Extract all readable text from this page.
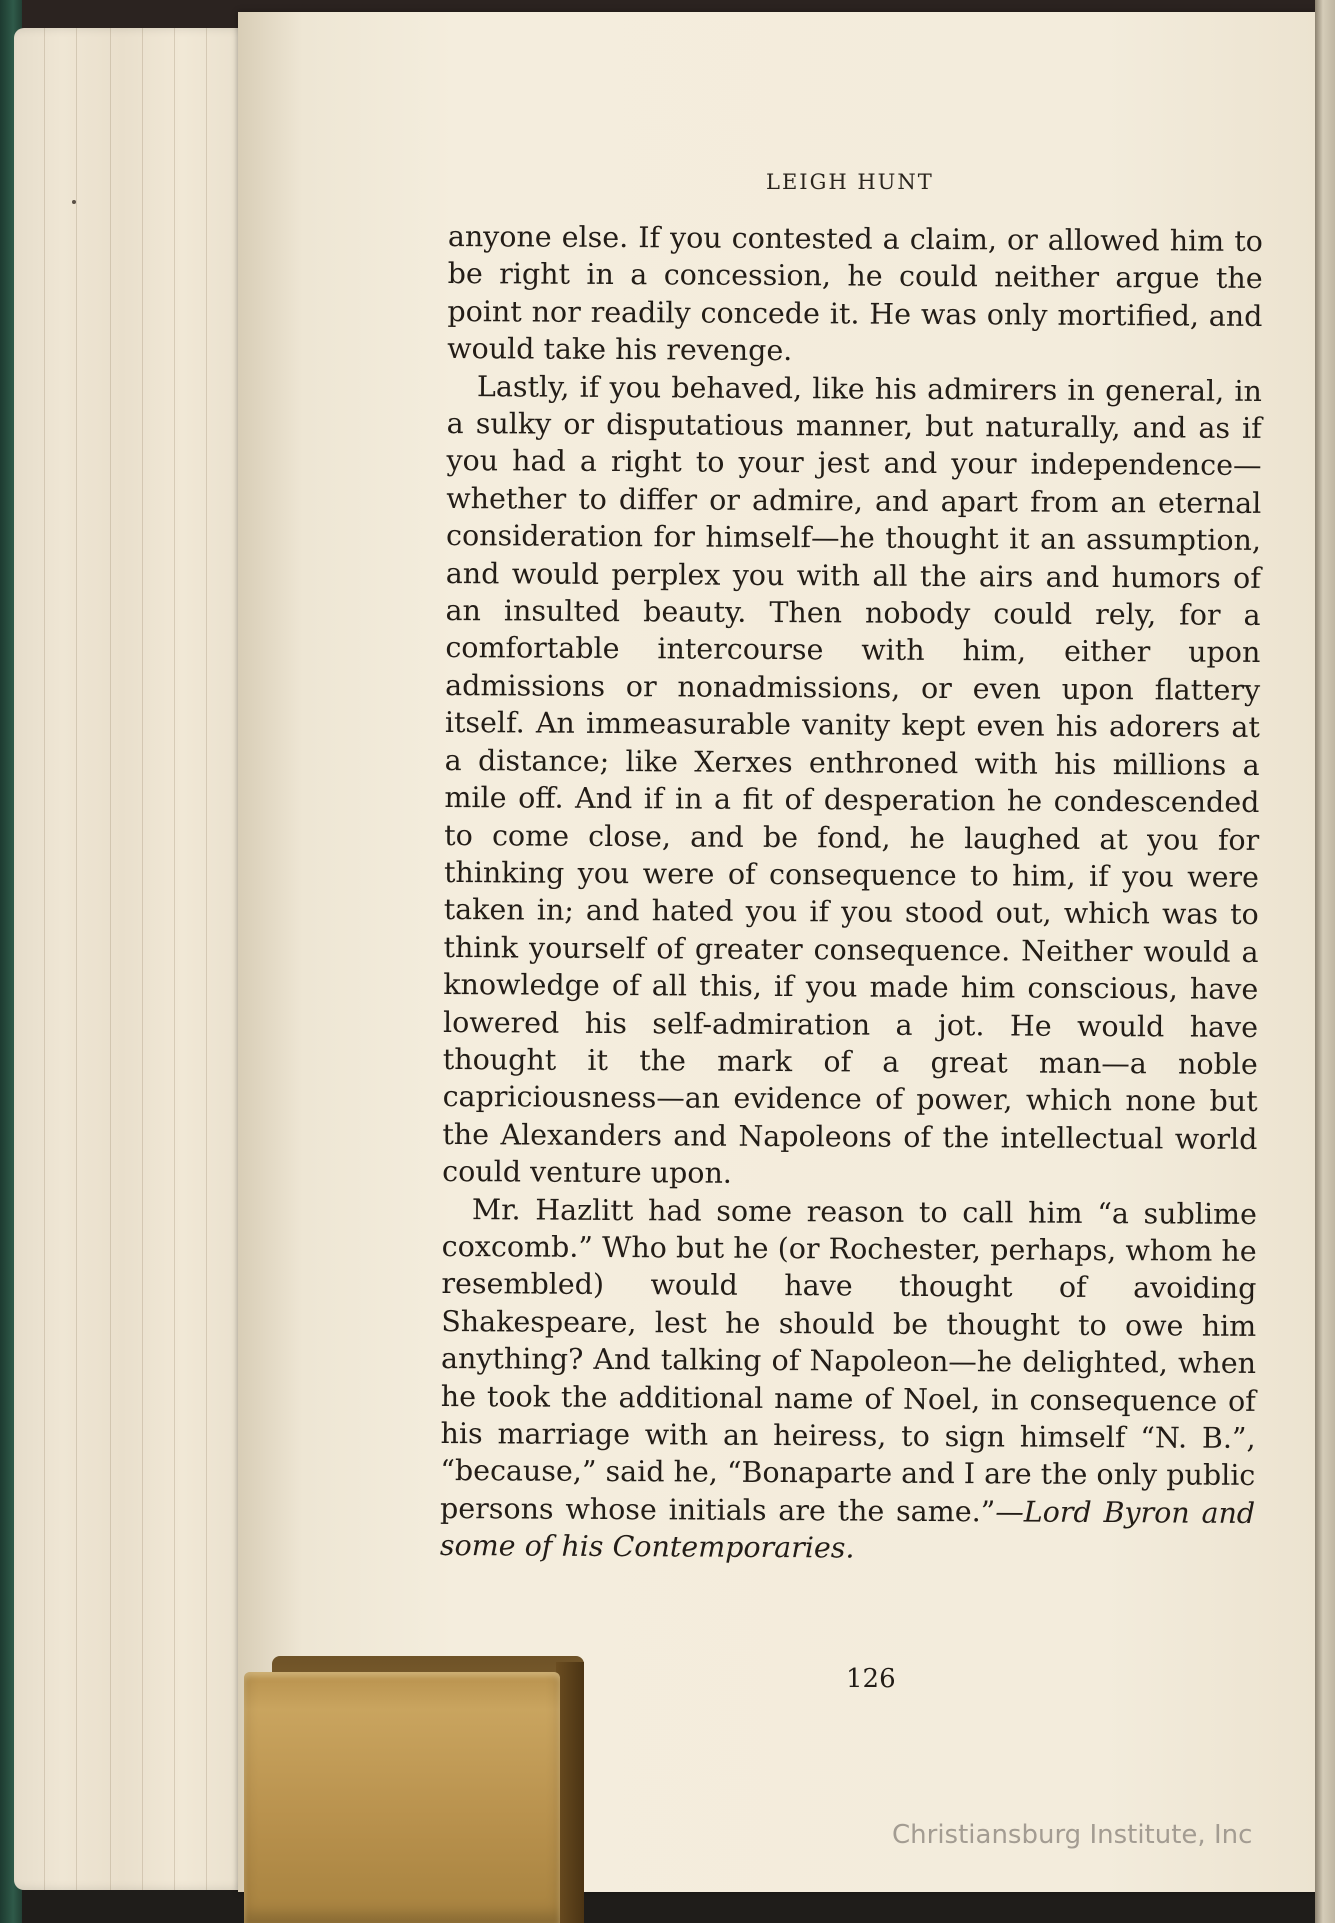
LEIGH HUNT

anyone else. If you contested a claim, or allowed him to be right in a concession, he could neither argue the point nor readily concede it. He was only mortified, and would take his revenge.

Lastly, if you behaved, like his admirers in general, in a sulky or disputatious manner, but naturally, and as if you had a right to your jest and your independence—whether to differ or admire, and apart from an eternal consideration for himself—he thought it an assumption, and would perplex you with all the airs and humors of an insulted beauty. Then nobody could rely, for a comfortable intercourse with him, either upon admissions or nonadmissions, or even upon flattery itself. An immeasurable vanity kept even his adorers at a distance; like Xerxes enthroned with his millions a mile off. And if in a fit of desperation he condescended to come close, and be fond, he laughed at you for thinking you were of consequence to him, if you were taken in; and hated you if you stood out, which was to think yourself of greater consequence. Neither would a knowledge of all this, if you made him conscious, have lowered his self-admiration a jot. He would have thought it the mark of a great man—a noble capriciousness—an evidence of power, which none but the Alexanders and Napoleons of the intellectual world could venture upon.

Mr. Hazlitt had some reason to call him “a sublime coxcomb.” Who but he (or Rochester, perhaps, whom he resembled) would have thought of avoiding Shakespeare, lest he should be thought to owe him anything? And talking of Napoleon—he delighted, when he took the additional name of Noel, in consequence of his marriage with an heiress, to sign himself “N. B.”, “because,” said he, “Bonaparte and I are the only public persons whose initials are the same.”—Lord Byron and some of his Contemporaries.

126
Christiansburg Institute, Inc
